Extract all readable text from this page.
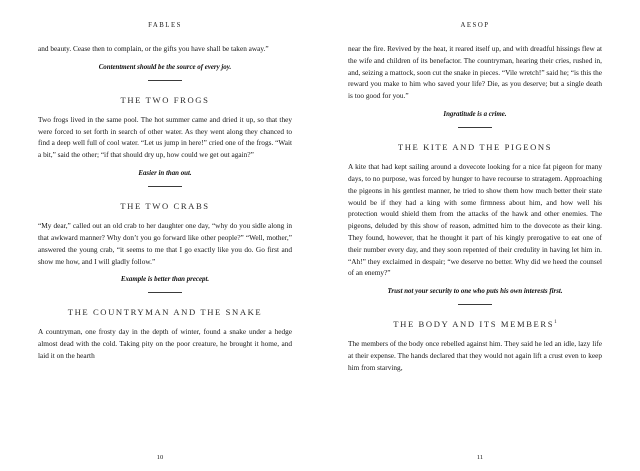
FABLES

and beauty. Cease then to complain, or the gifts you have shall be taken away.”

Contentment should be the source of every joy.

THE TWO FROGS

Two frogs lived in the same pool. The hot summer came and dried it up, so that they were forced to set forth in search of other water. As they went along they chanced to find a deep well full of cool water. “Let us jump in here!” cried one of the frogs. “Wait a bit,” said the other; “if that should dry up, how could we get out again?”

Easier in than out.

THE TWO CRABS

“My dear,” called out an old crab to her daughter one day, “why do you sidle along in that awkward manner? Why don’t you go forward like other people?” “Well, mother,” answered the young crab, “it seems to me that I go exactly like you do. Go first and show me how, and I will gladly follow.”

Example is better than precept.

THE COUNTRYMAN AND THE SNAKE

A countryman, one frosty day in the depth of winter, found a snake under a hedge almost dead with the cold. Taking pity on the poor creature, he brought it home, and laid it on the hearth

10
AESOP

near the fire. Revived by the heat, it reared itself up, and with dreadful hissings flew at the wife and children of its benefactor. The countryman, hearing their cries, rushed in, and, seizing a mattock, soon cut the snake in pieces. “Vile wretch!” said he; “is this the reward you make to him who saved your life? Die, as you deserve; but a single death is too good for you.”

Ingratitude is a crime.

THE KITE AND THE PIGEONS

A kite that had kept sailing around a dovecote looking for a nice fat pigeon for many days, to no purpose, was forced by hunger to have recourse to stratagem. Approaching the pigeons in his gentlest manner, he tried to show them how much better their state would be if they had a king with some firmness about him, and how well his protection would shield them from the attacks of the hawk and other enemies. The pigeons, deluded by this show of reason, admitted him to the dovecote as their king. They found, however, that he thought it part of his kingly prerogative to eat one of their number every day, and they soon repented of their credulity in having let him in. “Ah!” they exclaimed in despair; “we deserve no better. Why did we heed the counsel of an enemy?”

Trust not your security to one who puts his own interests first.

THE BODY AND ITS MEMBERS$^1$

The members of the body once rebelled against him. They said he led an idle, lazy life at their expense. The hands declared that they would not again lift a crust even to keep him from starving,

11
